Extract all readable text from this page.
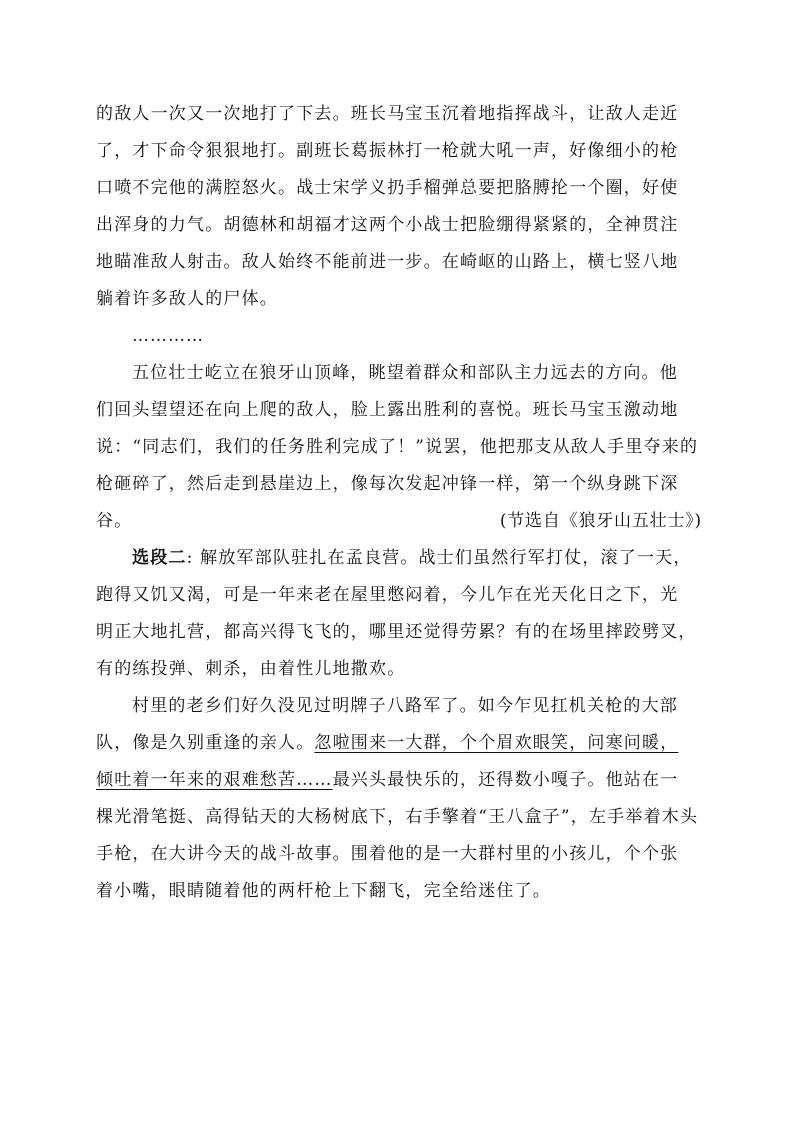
的敌人一次又一次地打了下去。班长马宝玉沉着地指挥战斗，让敌人走近
了，才下命令狠狠地打。副班长葛振林打一枪就大吼一声，好像细小的枪
口喷不完他的满腔怒火。战士宋学义扔手榴弹总要把胳膊抡一个圈，好使
出浑身的力气。胡德林和胡福才这两个小战士把脸绷得紧紧的，全神贯注
地瞄准敌人射击。敌人始终不能前进一步。在崎岖的山路上，横七竖八地
躺着许多敌人的尸体。
…………
五位壮士屹立在狼牙山顶峰，眺望着群众和部队主力远去的方向。他
们回头望望还在向上爬的敌人，脸上露出胜利的喜悦。班长马宝玉激动地
说：“同志们，我们的任务胜利完成了！”说罢，他把那支从敌人手里夺来的
枪砸碎了，然后走到悬崖边上，像每次发起冲锋一样，第一个纵身跳下深
谷。	(节选自《狼牙山五壮士》)
选段二: 解放军部队驻扎在孟良营。战士们虽然行军打仗，滚了一天，
跑得又饥又渴，可是一年来老在屋里憋闷着，今儿乍在光天化日之下，光
明正大地扎营，都高兴得飞飞的，哪里还觉得劳累？有的在场里摔跤劈叉，
有的练投弹、刺杀，由着性儿地撒欢。
村里的老乡们好久没见过明牌子八路军了。如今乍见扛机关枪的大部
队，像是久别重逢的亲人。忽啦围来一大群，个个眉欢眼笑，问寒问暖，
倾吐着一年来的艰难愁苦……最兴头最快乐的，还得数小嘎子。他站在一
棵光滑笔挺、高得钻天的大杨树底下，右手擎着“王八盒子”，左手举着木头
手枪，在大讲今天的战斗故事。围着他的是一大群村里的小孩儿，个个张
着小嘴，眼睛随着他的两杆枪上下翻飞，完全给迷住了。
